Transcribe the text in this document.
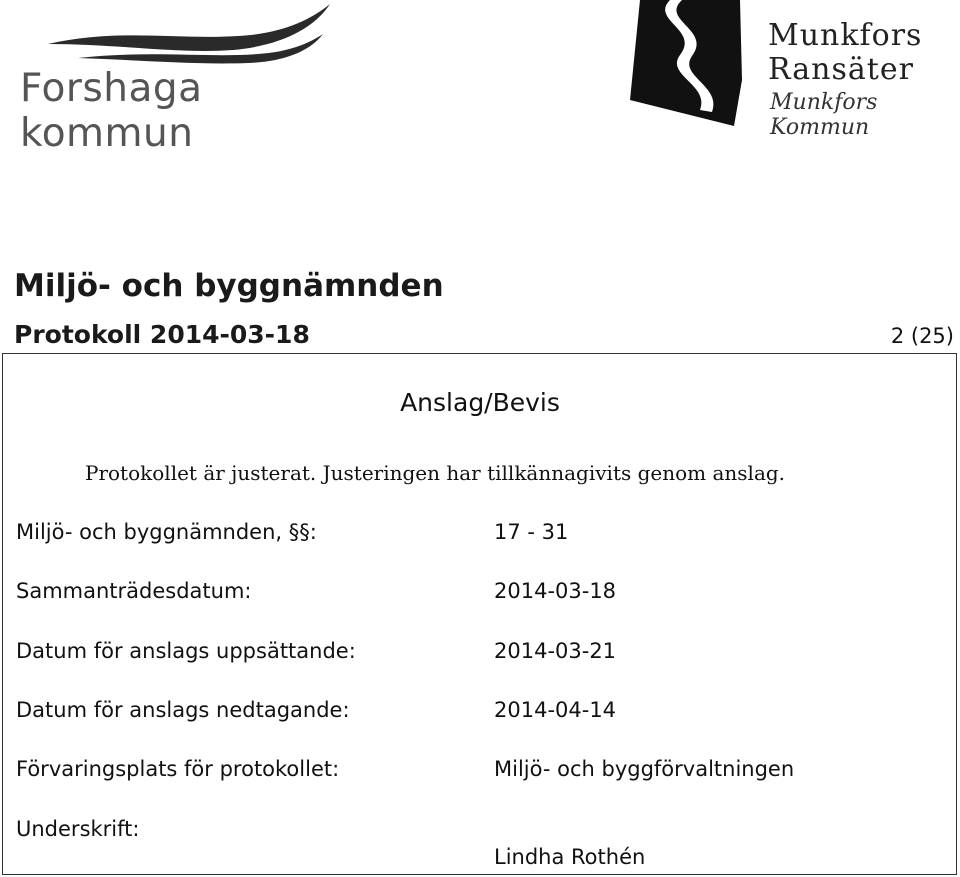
Forshaga kommun
Munkfors
Ransäter
Munkfors Kommun
Miljö- och byggnämnden
Protokoll 2014-03-18	2 (25)
Anslag/Bevis
Protokollet är justerat. Justeringen har tillkännagivits genom anslag.
Miljö- och byggnämnden, §§:	17 - 31
Sammanträdesdatum:	2014-03-18
Datum för anslags uppsättande:	2014-03-21
Datum för anslags nedtagande:	2014-04-14
Förvaringsplats för protokollet:	Miljö- och byggförvaltningen
Underskrift:
Lindha Rothén
